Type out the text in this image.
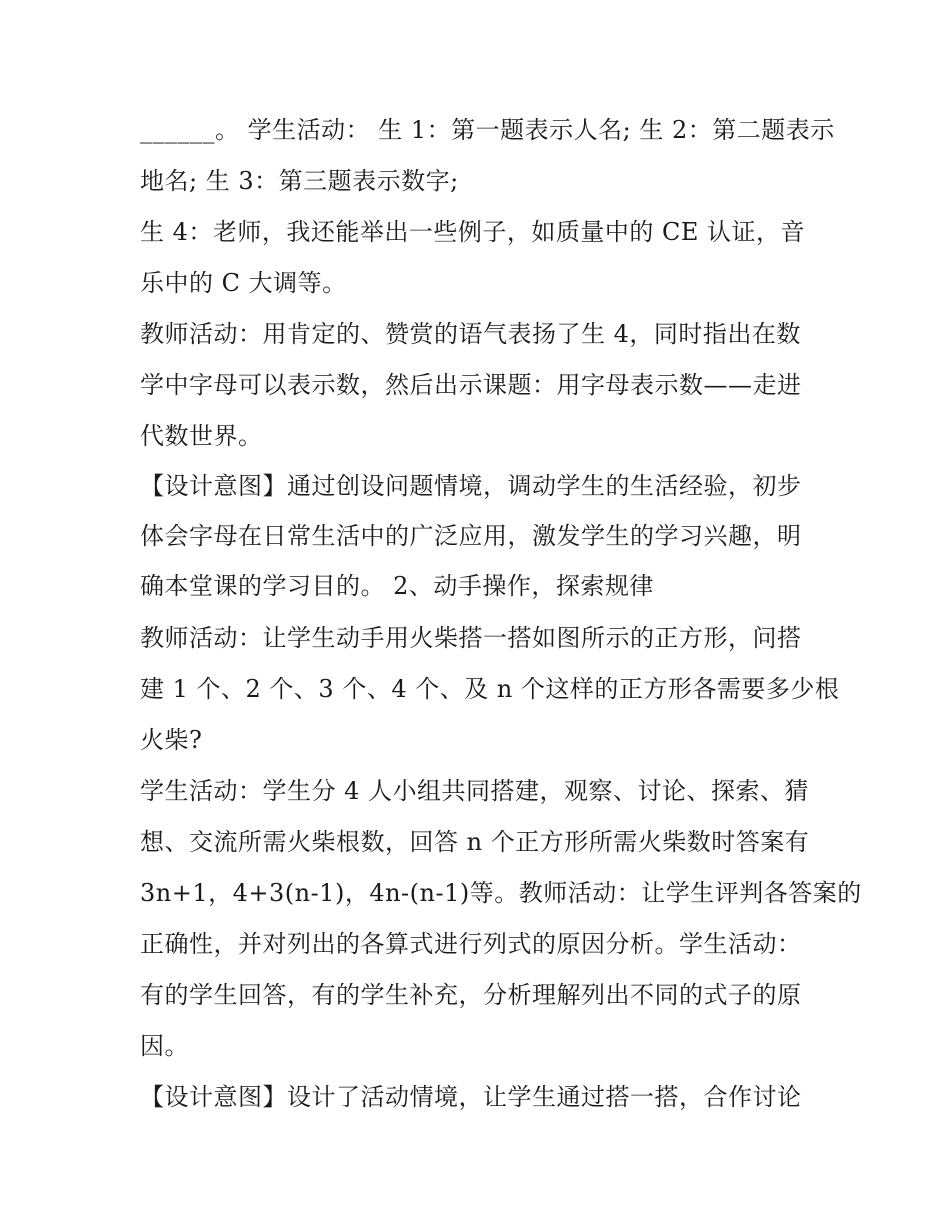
______。 学生活动： 生 1：第一题表示人名; 生 2：第二题表示
地名; 生 3：第三题表示数字;
生 4：老师，我还能举出一些例子，如质量中的 CE 认证，音
乐中的 C 大调等。
教师活动：用肯定的、赞赏的语气表扬了生 4，同时指出在数
学中字母可以表示数，然后出示课题：用字母表示数——走进
代数世界。
【设计意图】通过创设问题情境，调动学生的生活经验，初步
体会字母在日常生活中的广泛应用，激发学生的学习兴趣，明
确本堂课的学习目的。 2、动手操作，探索规律
教师活动：让学生动手用火柴搭一搭如图所示的正方形，问搭
建 1 个、2 个、3 个、4 个、及 n 个这样的正方形各需要多少根
火柴?
学生活动：学生分 4 人小组共同搭建，观察、讨论、探索、猜
想、交流所需火柴根数，回答 n 个正方形所需火柴数时答案有
3n+1，4+3(n-1)，4n-(n-1)等。教师活动：让学生评判各答案的
正确性，并对列出的各算式进行列式的原因分析。学生活动：
有的学生回答，有的学生补充，分析理解列出不同的式子的原
因。
【设计意图】设计了活动情境，让学生通过搭一搭，合作讨论
